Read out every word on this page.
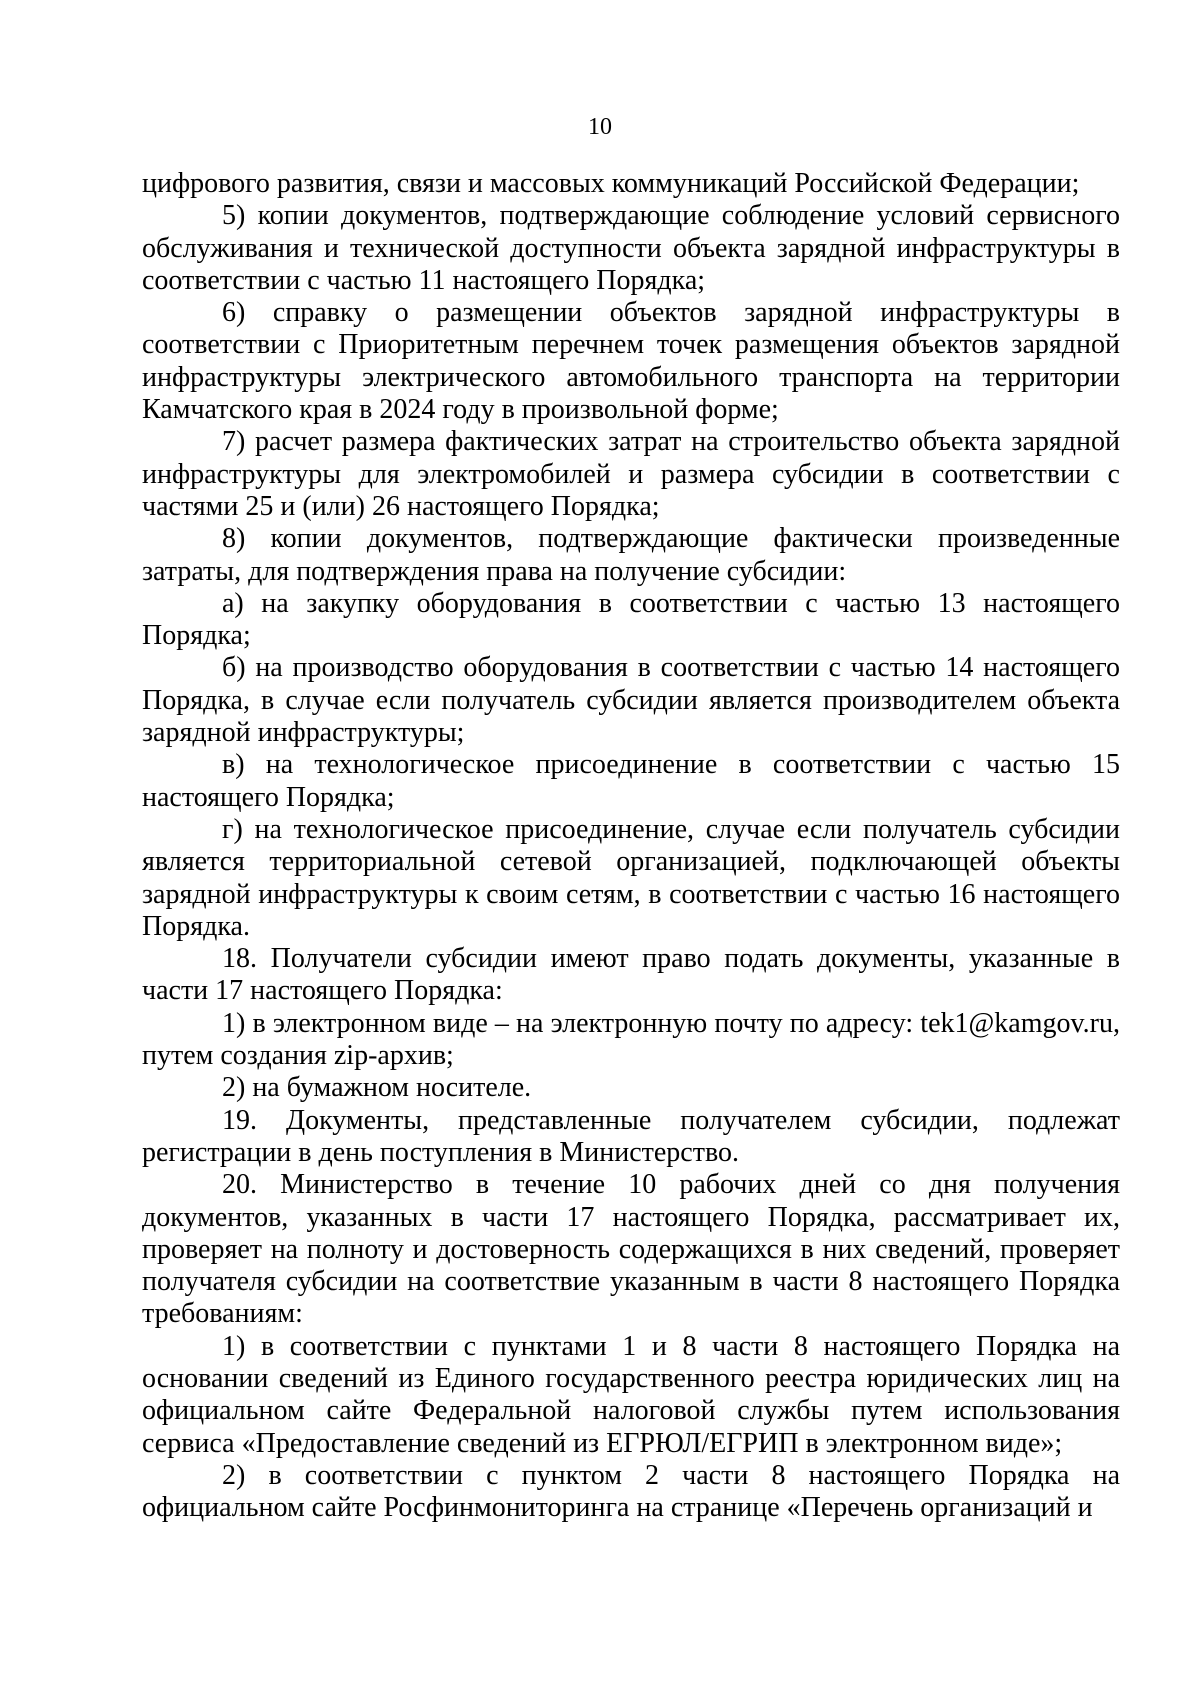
10

цифрового развития, связи и массовых коммуникаций Российской Федерации;

5) копии документов, подтверждающие соблюдение условий сервисного обслуживания и технической доступности объекта зарядной инфраструктуры в соответствии с частью 11 настоящего Порядка;

6) справку о размещении объектов зарядной инфраструктуры в соответствии с Приоритетным перечнем точек размещения объектов зарядной инфраструктуры электрического автомобильного транспорта на территории Камчатского края в 2024 году в произвольной форме;

7) расчет размера фактических затрат на строительство объекта зарядной инфраструктуры для электромобилей и размера субсидии в соответствии с частями 25 и (или) 26 настоящего Порядка;

8) копии документов, подтверждающие фактически произведенные затраты, для подтверждения права на получение субсидии:

а) на закупку оборудования в соответствии с частью 13 настоящего Порядка;

б) на производство оборудования в соответствии с частью 14 настоящего Порядка, в случае если получатель субсидии является производителем объекта зарядной инфраструктуры;

в) на технологическое присоединение в соответствии с частью 15 настоящего Порядка;

г) на технологическое присоединение, случае если получатель субсидии является территориальной сетевой организацией, подключающей объекты зарядной инфраструктуры к своим сетям, в соответствии с частью 16 настоящего Порядка.

18. Получатели субсидии имеют право подать документы, указанные в части 17 настоящего Порядка:

1) в электронном виде – на электронную почту по адресу: tek1@kamgov.ru, путем создания zip-архив;

2) на бумажном носителе.

19. Документы, представленные получателем субсидии, подлежат регистрации в день поступления в Министерство.

20. Министерство в течение 10 рабочих дней со дня получения документов, указанных в части 17 настоящего Порядка, рассматривает их, проверяет на полноту и достоверность содержащихся в них сведений, проверяет получателя субсидии на соответствие указанным в части 8 настоящего Порядка требованиям:

1) в соответствии с пунктами 1 и 8 части 8 настоящего Порядка на основании сведений из Единого государственного реестра юридических лиц на официальном сайте Федеральной налоговой службы путем использования сервиса «Предоставление сведений из ЕГРЮЛ/ЕГРИП в электронном виде»;

2) в соответствии с пунктом 2 части 8 настоящего Порядка на официальном сайте Росфинмониторинга на странице «Перечень организаций и
